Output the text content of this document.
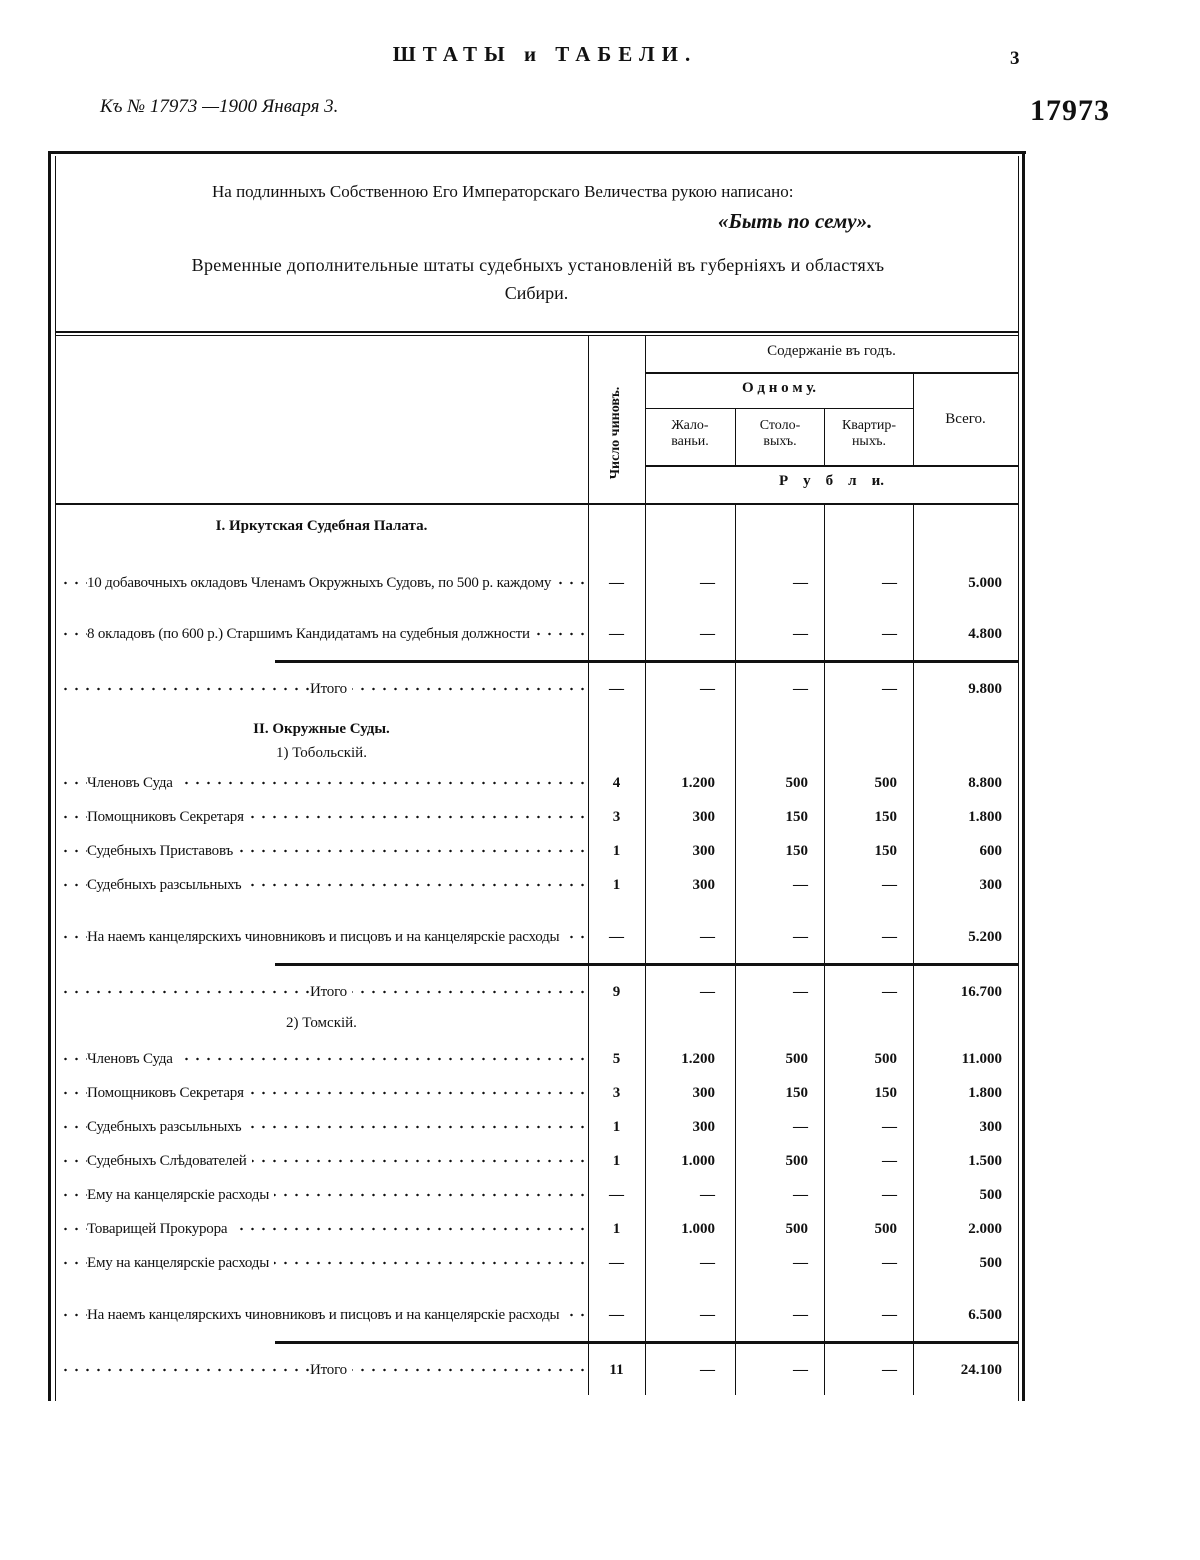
ШТАТЫ и ТАБЕЛИ.	3
Къ № 17973 —1900 Января 3.	17973
На подлинныхъ Собственною Его Императорскаго Величества рукою написано:
«Быть по сему».
Временные дополнительные штаты судебныхъ установленій въ губерніяхъ и областяхъ
Сибири.
Число чиновъ.
Содержаніе въ годъ.
О д н о м у.
Жало-ваньи.
Столо-выхъ.
Квартир-ныхъ.
Всего.
Р    у    б    л    и.
I. Иркутская Судебная Палата.
10 добавочныхъ окладовъ Членамъ Окружныхъ Судовъ, по 500 р. каждому	—	—	—	—	5.000
8 окладовъ (по 600 р.) Старшимъ Кандидатамъ на судебныя должности	—	—	—	—	4.800
Итого	—	—	—	—	9.800
II. Окружные Суды.
1) Тобольскій.
Членовъ Суда	4	1.200	500	500	8.800
Помощниковъ Секретаря	3	300	150	150	1.800
Судебныхъ Приставовъ	1	300	150	150	600
Судебныхъ разсыльныхъ	1	300	—	—	300
На наемъ канцелярскихъ чиновниковъ и писцовъ и на канцелярскіе расходы	—	—	—	—	5.200
Итого	9	—	—	—	16.700
2) Томскій.
Членовъ Суда	5	1.200	500	500	11.000
Помощниковъ Секретаря	3	300	150	150	1.800
Судебныхъ разсыльныхъ	1	300	—	—	300
Судебныхъ Слѣдователей	1	1.000	500	—	1.500
Ему на канцелярскіе расходы	—	—	—	—	500
Товарищей Прокурора	1	1.000	500	500	2.000
Ему на канцелярскіе расходы	—	—	—	—	500
На наемъ канцелярскихъ чиновниковъ и писцовъ и на канцелярскіе расходы	—	—	—	—	6.500
Итого	11	—	—	—	24.100
